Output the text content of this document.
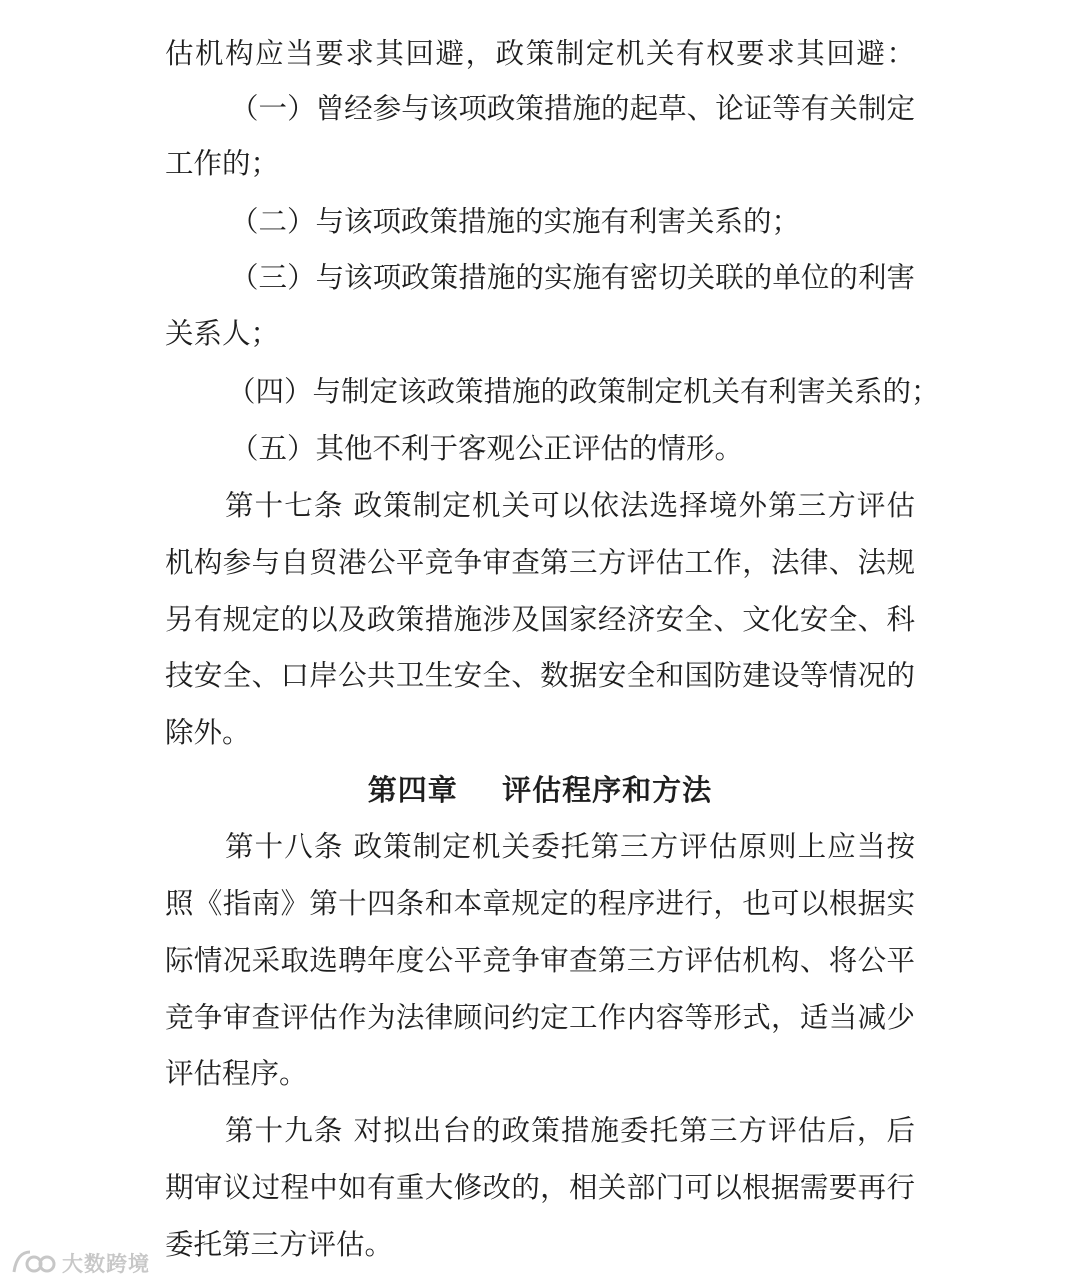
估机构应当要求其回避，政策制定机关有权要求其回避：

（一）曾经参与该项政策措施的起草、论证等有关制定

工作的；

（二）与该项政策措施的实施有利害关系的；

（三）与该项政策措施的实施有密切关联的单位的利害

关系人；

（四）与制定该政策措施的政策制定机关有利害关系的；

（五）其他不利于客观公正评估的情形。

第十七条 政策制定机关可以依法选择境外第三方评估

机构参与自贸港公平竞争审查第三方评估工作，法律、法规

另有规定的以及政策措施涉及国家经济安全、文化安全、科

技安全、口岸公共卫生安全、数据安全和国防建设等情况的

除外。

第四章    评估程序和方法

第十八条 政策制定机关委托第三方评估原则上应当按

照《指南》第十四条和本章规定的程序进行，也可以根据实

际情况采取选聘年度公平竞争审查第三方评估机构、将公平

竞争审查评估作为法律顾问约定工作内容等形式，适当减少

评估程序。

第十九条 对拟出台的政策措施委托第三方评估后，后

期审议过程中如有重大修改的，相关部门可以根据需要再行

委托第三方评估。

大数跨境
